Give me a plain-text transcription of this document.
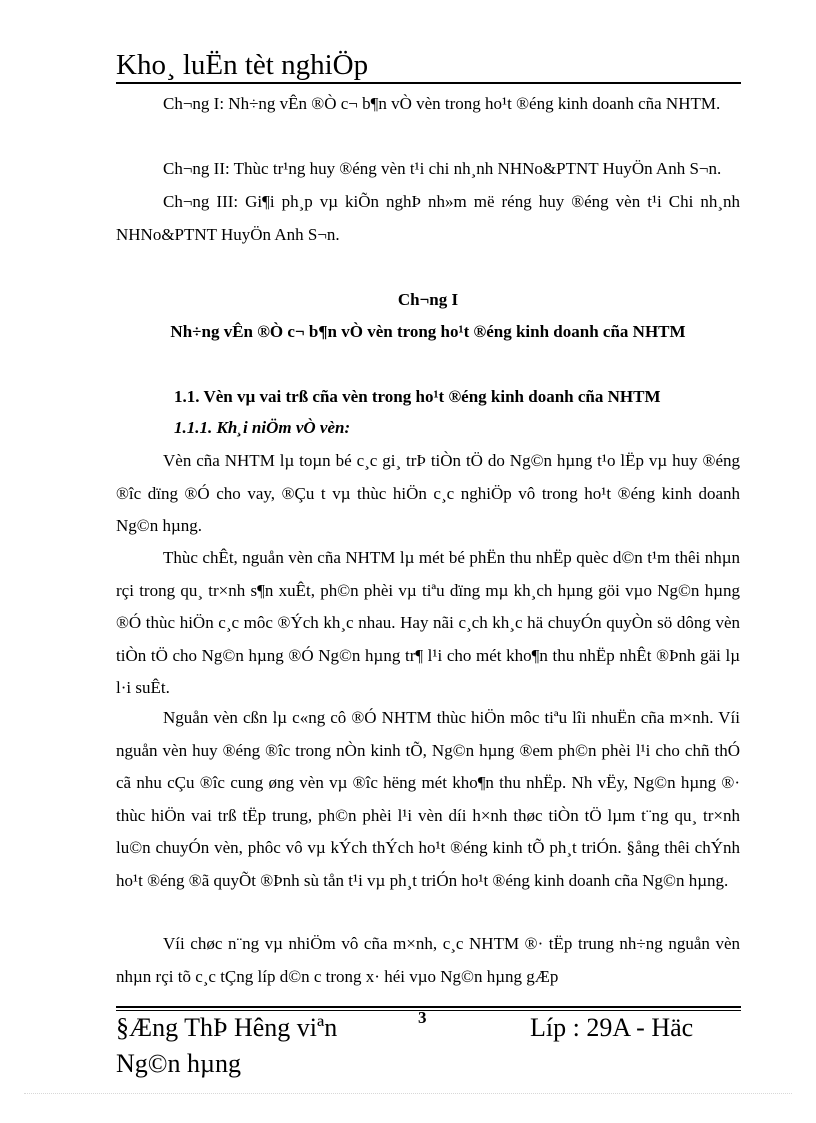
Kho¸ luËn tèt nghiÖp
Ch¬ng I: Nh÷ng vÊn ®Ò c¬ b¶n vÒ vèn trong ho¹t ®éng kinh doanh cña NHTM.
Ch¬ng II: Thùc tr¹ng huy ®éng vèn t¹i chi nh¸nh NHNo&PTNT HuyÖn Anh S¬n.
Ch¬ng III: Gi¶i ph¸p vµ kiÕn nghÞ nh»m më réng huy ®éng vèn t¹i Chi nh¸nh NHNo&PTNT HuyÖn Anh S¬n.
Ch¬ng I
Nh÷ng vÊn ®Ò c¬ b¶n vÒ vèn trong ho¹t ®éng kinh doanh cña NHTM
1.1. Vèn vµ vai trß cña vèn trong ho¹t ®éng kinh doanh cña NHTM
1.1.1. Kh¸i niÖm vÒ vèn:
Vèn cña NHTM lµ toµn bé c¸c gi¸ trÞ tiÒn tÖ do Ng©n hµng t¹o lËp vµ huy ®éng ®îc dïng ®Ó cho vay, ®Çu t vµ thùc hiÖn c¸c nghiÖp vô trong ho¹t ®éng kinh doanh Ng©n hµng.
Thùc chÊt, nguån vèn cña NHTM lµ mét bé phËn thu nhËp quèc d©n t¹m thêi nhµn rçi trong qu¸ tr×nh s¶n xuÊt, ph©n phèi vµ tiªu dïng mµ kh¸ch hµng göi vµo Ng©n hµng ®Ó thùc hiÖn c¸c môc ®Ých kh¸c nhau. Hay nãi c¸ch kh¸c hä chuyÓn quyÒn sö dông vèn tiÒn tÖ cho Ng©n hµng ®Ó Ng©n hµng tr¶ l¹i cho mét kho¶n thu nhËp nhÊt ®Þnh gäi lµ l·i suÊt.
Nguån vèn cßn lµ c«ng cô ®Ó NHTM thùc hiÖn môc tiªu lîi nhuËn cña m×nh. Víi nguån vèn huy ®éng ®îc trong nÒn kinh tÕ, Ng©n hµng ®em ph©n phèi l¹i cho chñ thÓ cã nhu cÇu ®îc cung øng vèn vµ ®îc hëng mét kho¶n thu nhËp. Nh vËy, Ng©n hµng ®· thùc hiÖn vai trß tËp trung, ph©n phèi l¹i vèn díi h×nh thøc tiÒn tÖ lµm t¨ng qu¸ tr×nh lu©n chuyÓn vèn, phôc vô vµ kÝch thÝch ho¹t ®éng kinh tÕ ph¸t triÓn. §ång thêi chÝnh ho¹t ®éng ®ã quyÕt ®Þnh sù tån t¹i vµ ph¸t triÓn ho¹t ®éng kinh doanh cña Ng©n hµng.
Víi chøc n¨ng vµ nhiÖm vô cña m×nh, c¸c NHTM ®· tËp trung nh÷ng nguån vèn nhµn rçi tõ c¸c tÇng líp d©n c trong x· héi vµo Ng©n hµng gÆp
§Æng ThÞ Hêng viªn Ng©n hµng
3	Líp : 29A - Häc
